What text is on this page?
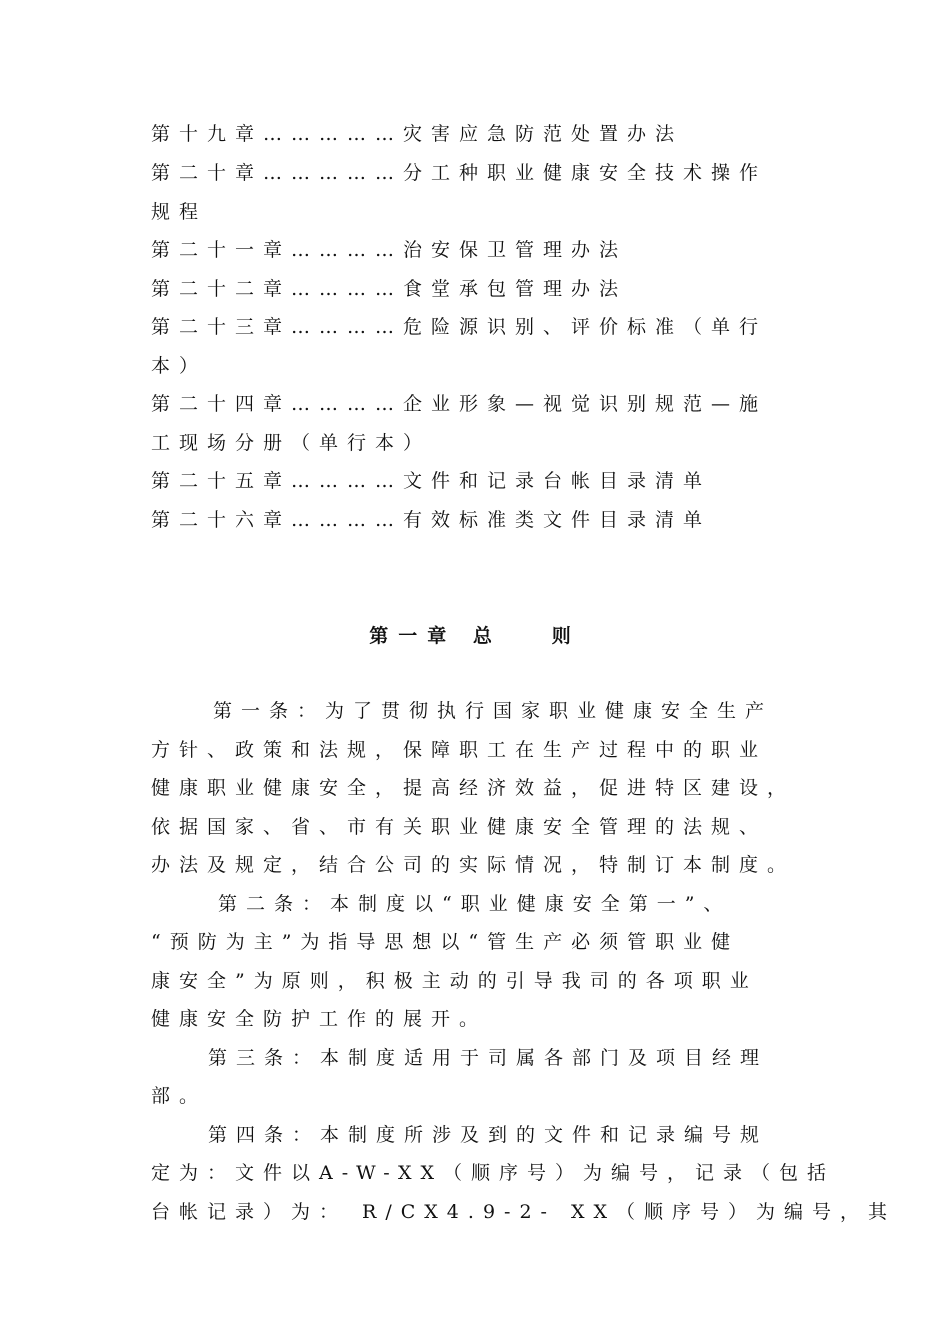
第十九章……………灾害应急防范处置办法
第二十章……………分工种职业健康安全技术操作
规程
第二十一章…………治安保卫管理办法
第二十二章…………食堂承包管理办法
第二十三章…………危险源识别、评价标准（单行
本）
第二十四章…………企业形象—视觉识别规范—施
工现场分册（单行本）
第二十五章…………文件和记录台帐目录清单
第二十六章…………有效标准类文件目录清单
第一章 总   则
第一条：为了贯彻执行国家职业健康安全生产
方针、政策和法规，保障职工在生产过程中的职业
健康职业健康安全，提高经济效益，促进特区建设，
依据国家、省、市有关职业健康安全管理的法规、
办法及规定，结合公司的实际情况，特制订本制度。
第二条：本制度以“职业健康安全第一”、
“预防为主”为指导思想以“管生产必须管职业健
康安全”为原则，积极主动的引导我司的各项职业
健康安全防护工作的展开。
第三条：本制度适用于司属各部门及项目经理
部。
第四条：本制度所涉及到的文件和记录编号规
定为：文件以A-W-XX（顺序号）为编号，记录（包括
台帐记录）为： R/CX4.9-2- XX（顺序号）为编号，其
